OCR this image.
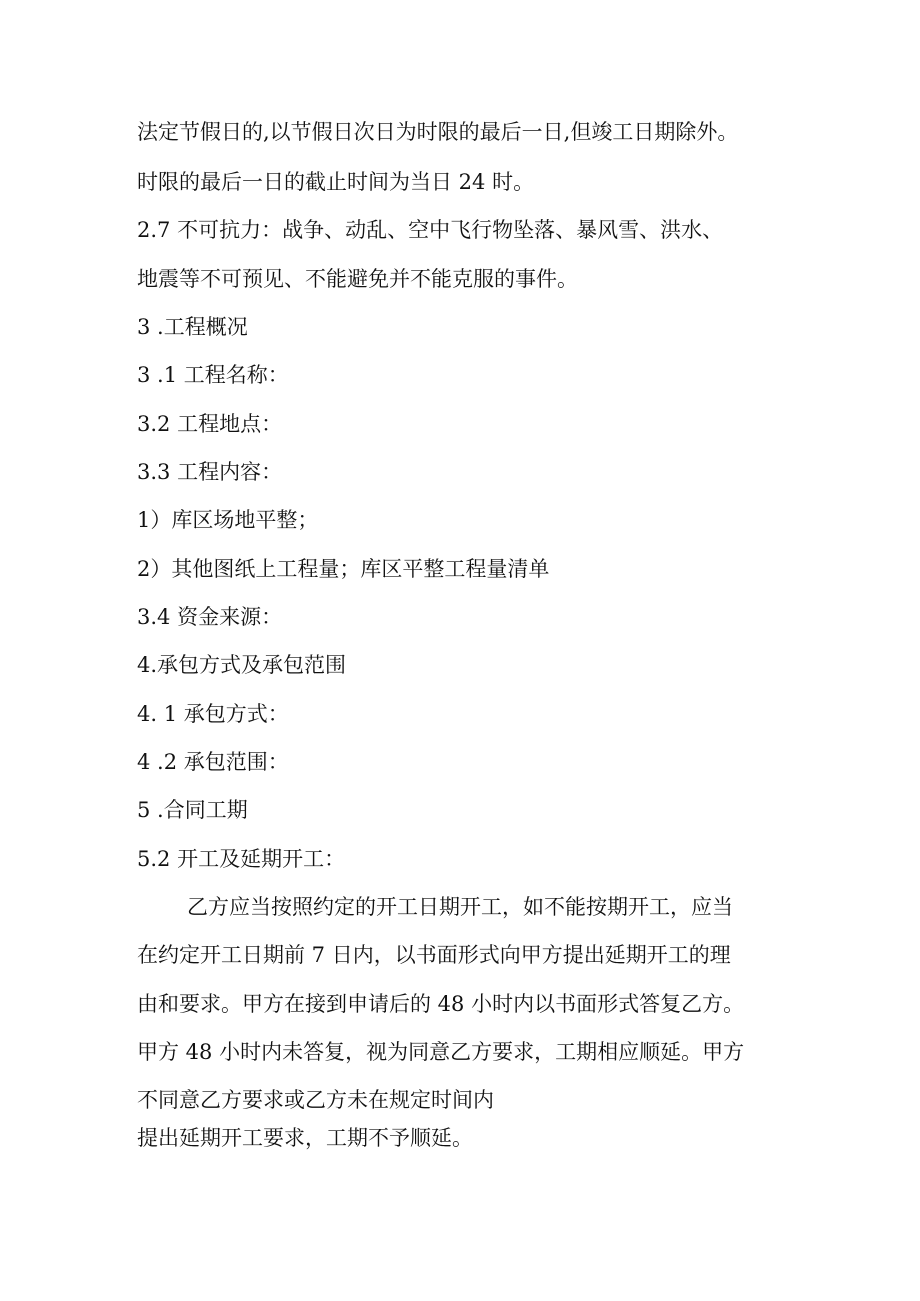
法定节假日的,以节假日次日为时限的最后一日,但竣工日期除外。
时限的最后一日的截止时间为当日 24 时。
2.7 不可抗力：战争、动乱、空中飞行物坠落、暴风雪、洪水、
地震等不可预见、不能避免并不能克服的事件。
3 .工程概况
3 .1 工程名称：
3.2 工程地点：
3.3 工程内容：
1）库区场地平整；
2）其他图纸上工程量；库区平整工程量清单
3.4 资金来源：
4.承包方式及承包范围
4. 1 承包方式：
4 .2 承包范围：
5 .合同工期
5.2 开工及延期开工：
乙方应当按照约定的开工日期开工，如不能按期开工，应当
在约定开工日期前 7 日内，以书面形式向甲方提出延期开工的理
由和要求。甲方在接到申请后的 48 小时内以书面形式答复乙方。
甲方 48 小时内未答复，视为同意乙方要求，工期相应顺延。甲方
不同意乙方要求或乙方未在规定时间内
提出延期开工要求，工期不予顺延。
